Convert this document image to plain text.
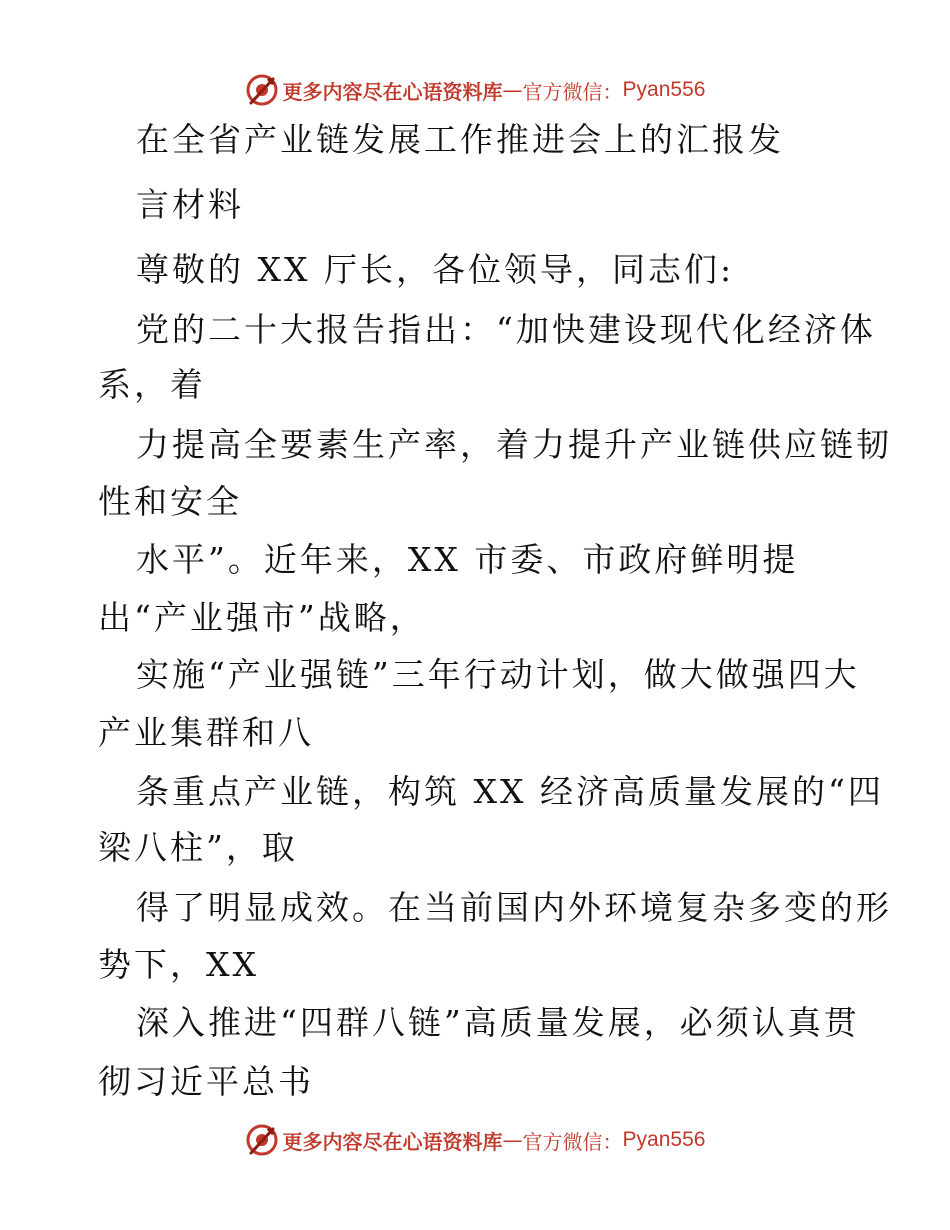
更多内容尽在心语资料库 — 官方微信： Pyan556
在全省产业链发展工作推进会上的汇报发
言材料
尊敬的 XX 厅长，各位领导，同志们:
党的二十大报告指出：“加快建设现代化经济体
系，着
力提高全要素生产率，着力提升产业链供应链韧
性和安全
水平”。近年来，XX 市委、市政府鲜明提
出“产业强市”战略，
实施“产业强链”三年行动计划，做大做强四大
产业集群和八
条重点产业链，构筑 XX 经济高质量发展的“四
梁八柱”，取
得了明显成效。在当前国内外环境复杂多变的形
势下，XX
深入推进“四群八链”高质量发展，必须认真贯
彻习近平总书
更多内容尽在心语资料库 — 官方微信： Pyan556
